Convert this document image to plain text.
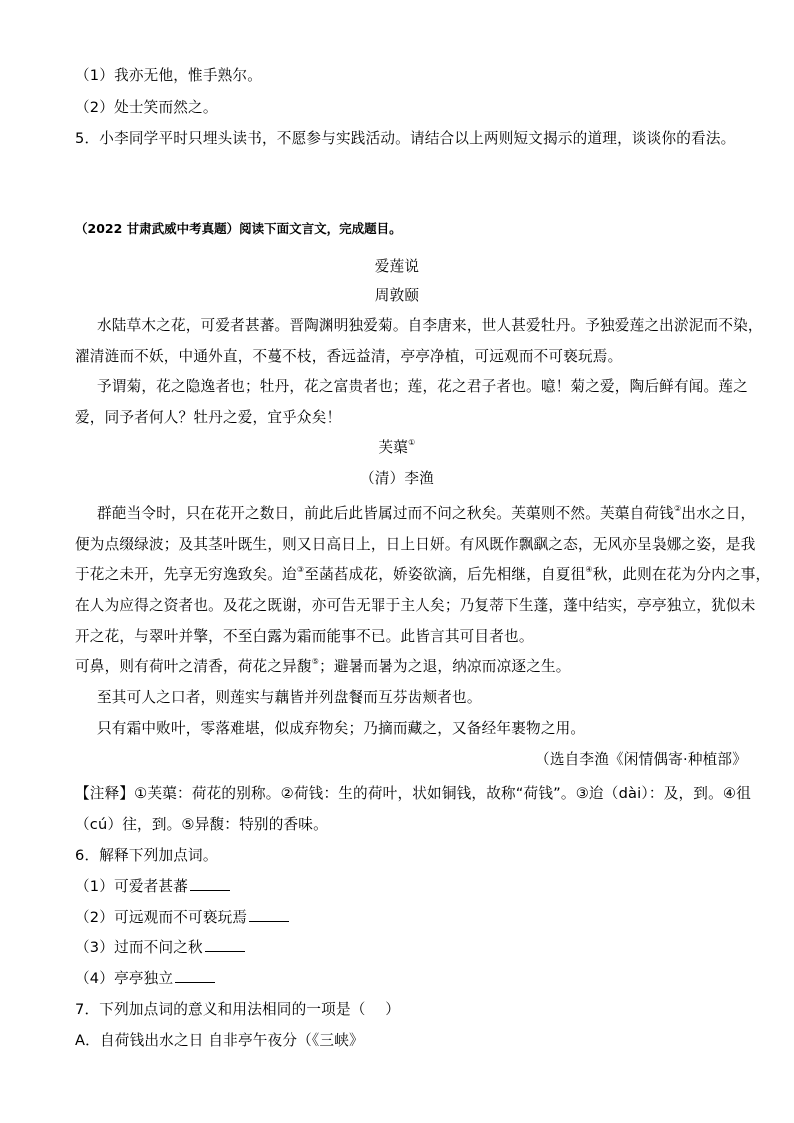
（1）我亦无他，惟手熟尔。
（2）处士笑而然之。
5．小李同学平时只埋头读书，不愿参与实践活动。请结合以上两则短文揭示的道理，谈谈你的看法。
（2022 甘肃武威中考真题）阅读下面文言文，完成题目。
爱莲说
周敦颐
水陆草木之花，可爱者甚蕃。晋陶渊明独爱菊。自李唐来，世人甚爱牡丹。予独爱莲之出淤泥而不染，
濯清涟而不妖，中通外直，不蔓不枝，香远益清，亭亭净植，可远观而不可亵玩焉。
予谓菊，花之隐逸者也；牡丹，花之富贵者也；莲，花之君子者也。噫！菊之爱，陶后鲜有闻。莲之
爱，同予者何人？牡丹之爱，宜乎众矣！
芙蕖①
（清）李渔
群葩当令时，只在花开之数日，前此后此皆属过而不问之秋矣。芙蕖则不然。芙蕖自荷钱②出水之日，
便为点缀绿波；及其茎叶既生，则又日高日上，日上日妍。有风既作飘飖之态，无风亦呈袅娜之姿，是我
于花之未开，先享无穷逸致矣。迨③至菡萏成花，娇姿欲滴，后先相继，自夏徂④秋，此则在花为分内之事，
在人为应得之资者也。及花之既谢，亦可告无罪于主人矣；乃复蒂下生蓬，蓬中结实，亭亭独立，犹似未
开之花，与翠叶并擎，不至白露为霜而能事不已。此皆言其可目者也。
可鼻，则有荷叶之清香，荷花之异馥⑤；避暑而暑为之退，纳凉而凉逐之生。
至其可人之口者，则莲实与藕皆并列盘餐而互芬齿颊者也。
只有霜中败叶，零落难堪，似成弃物矣；乃摘而藏之，又备经年裹物之用。
（选自李渔《闲情偶寄·种植部》
【注释】①芙蕖：荷花的别称。②荷钱：生的荷叶，状如铜钱，故称“荷钱”。③迨（dài）：及，到。④徂
（cú）往，到。⑤异馥：特别的香味。
6．解释下列加点词。
（1）可爱者甚蕃
（2）可远观而不可亵玩焉
（3）过而不问之秋
（4）亭亭独立
7．下列加点词的意义和用法相同的一项是（　 ）
A．自荷钱出水之日 自非亭午夜分（《三峡》
